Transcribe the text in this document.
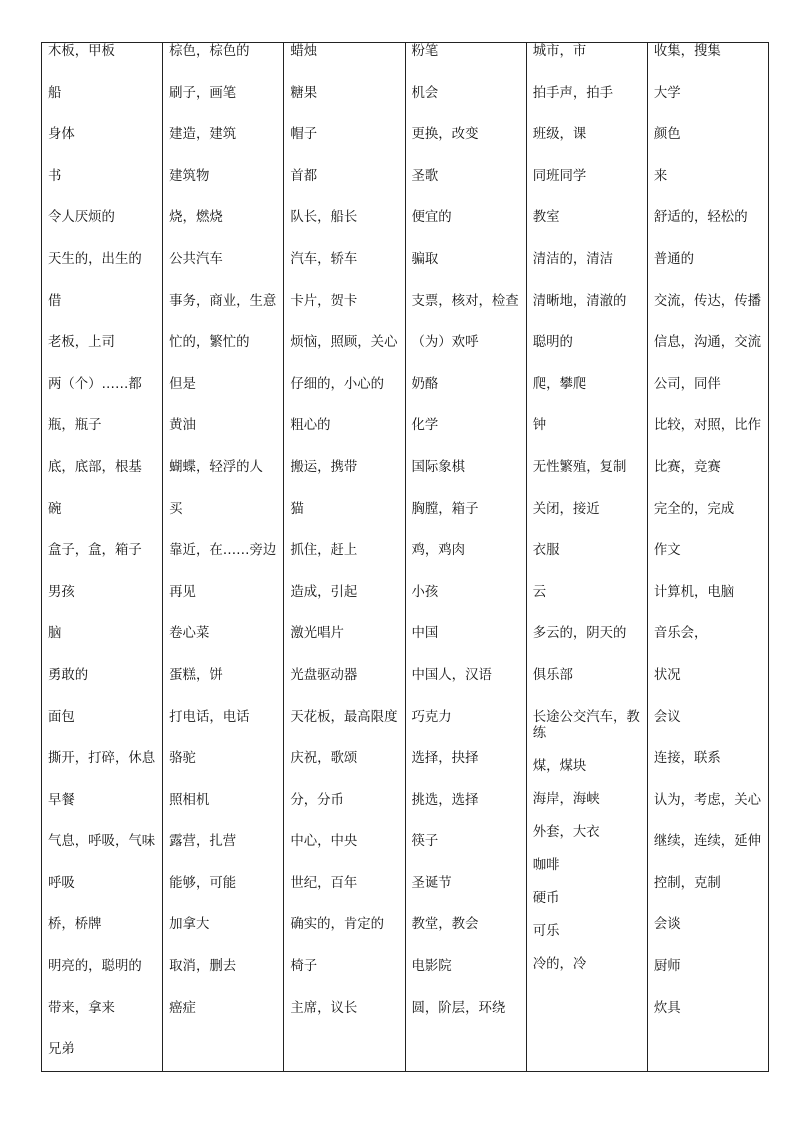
木板，甲板
船
身体
书
令人厌烦的
天生的，出生的
借
老板，上司
两（个）……都
瓶，瓶子
底，底部，根基
碗
盒子，盒，箱子
男孩
脑
勇敢的
面包
撕开，打碎，休息
早餐
气息，呼吸，气味
呼吸
桥，桥牌
明亮的，聪明的
带来，拿来
兄弟
棕色，棕色的
刷子，画笔
建造，建筑
建筑物
烧，燃烧
公共汽车
事务，商业，生意
忙的，繁忙的
但是
黄油
蝴蝶，轻浮的人
买
靠近，在……旁边
再见
卷心菜
蛋糕，饼
打电话，电话
骆驼
照相机
露营，扎营
能够，可能
加拿大
取消，删去
癌症
蜡烛
糖果
帽子
首都
队长，船长
汽车，轿车
卡片，贺卡
烦恼，照顾，关心
仔细的，小心的
粗心的
搬运，携带
猫
抓住，赶上
造成，引起
激光唱片
光盘驱动器
天花板，最高限度
庆祝，歌颂
分，分币
中心，中央
世纪，百年
确实的，肯定的
椅子
主席，议长
粉笔
机会
更换，改变
圣歌
便宜的
骗取
支票，核对，检查
（为）欢呼
奶酪
化学
国际象棋
胸膛，箱子
鸡，鸡肉
小孩
中国
中国人，汉语
巧克力
选择，抉择
挑选，选择
筷子
圣诞节
教堂，教会
电影院
圆，阶层，环绕
城市，市
拍手声，拍手
班级，课
同班同学
教室
清洁的，清洁
清晰地，清澈的
聪明的
爬，攀爬
钟
无性繁殖，复制
关闭，接近
衣服
云
多云的，阴天的
俱乐部
长途公交汽车，教练
煤，煤块
海岸，海峡
外套，大衣
咖啡
硬币
可乐
冷的，冷
收集，搜集
大学
颜色
来
舒适的，轻松的
普通的
交流，传达，传播
信息，沟通，交流
公司，同伴
比较，对照，比作
比赛，竞赛
完全的，完成
作文
计算机，电脑
音乐会，
状况
会议
连接，联系
认为，考虑，关心
继续，连续，延伸
控制，克制
会谈
厨师
炊具
